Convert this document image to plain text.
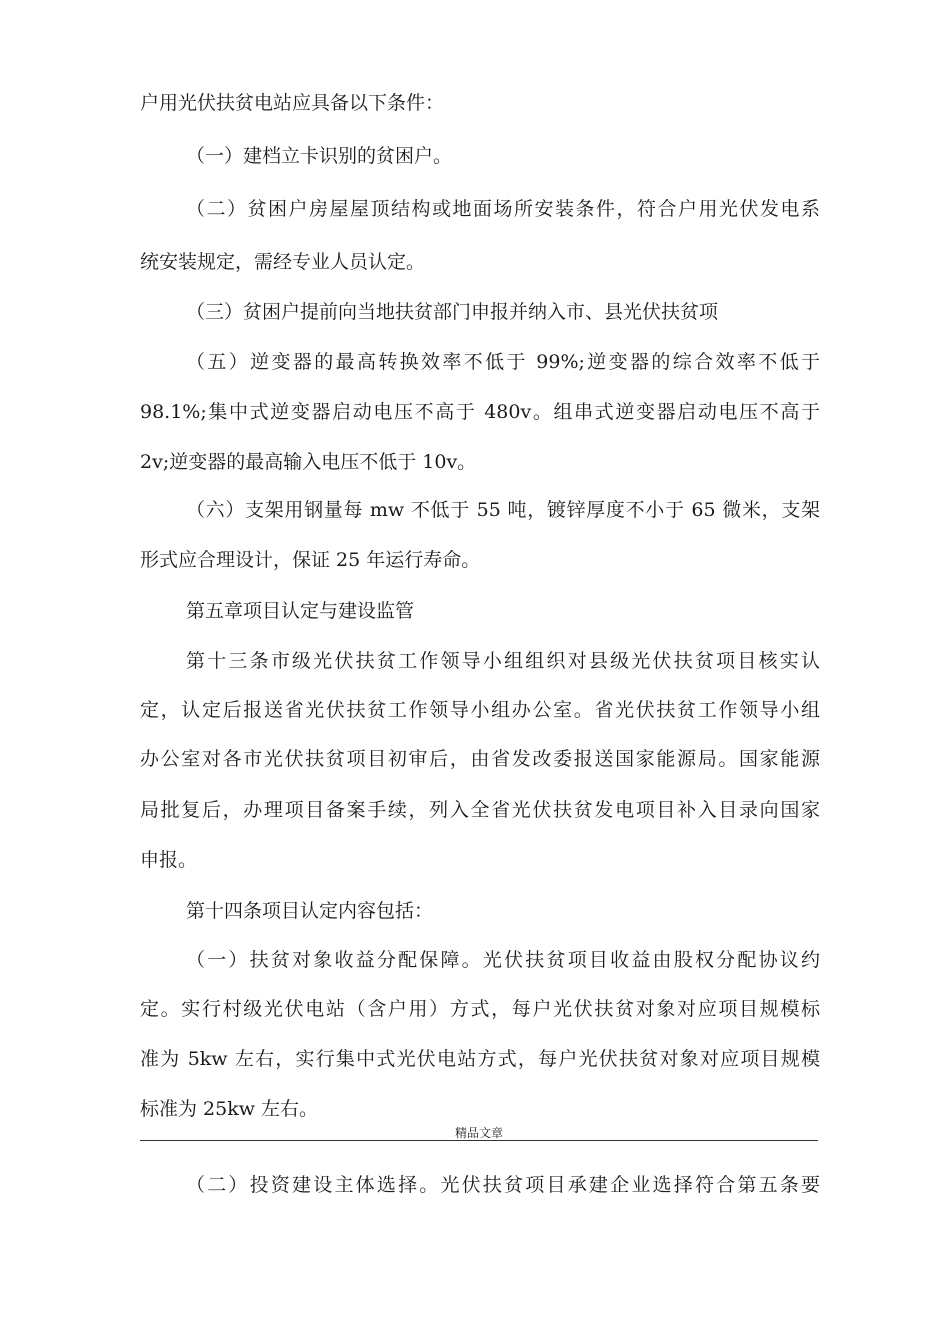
户用光伏扶贫电站应具备以下条件：
（一）建档立卡识别的贫困户。
（二）贫困户房屋屋顶结构或地面场所安装条件，符合户用光伏发电系
统安装规定，需经专业人员认定。
（三）贫困户提前向当地扶贫部门申报并纳入市、县光伏扶贫项
（五）逆变器的最高转换效率不低于 99%;逆变器的综合效率不低于
98.1%;集中式逆变器启动电压不高于 480v。组串式逆变器启动电压不高于
2v;逆变器的最高输入电压不低于 10v。
（六）支架用钢量每 mw 不低于 55 吨，镀锌厚度不小于 65 微米，支架
形式应合理设计，保证 25 年运行寿命。
第五章项目认定与建设监管
第十三条市级光伏扶贫工作领导小组组织对县级光伏扶贫项目核实认
定，认定后报送省光伏扶贫工作领导小组办公室。省光伏扶贫工作领导小组
办公室对各市光伏扶贫项目初审后，由省发改委报送国家能源局。国家能源
局批复后，办理项目备案手续，列入全省光伏扶贫发电项目补入目录向国家
申报。
第十四条项目认定内容包括：
（一）扶贫对象收益分配保障。光伏扶贫项目收益由股权分配协议约
定。实行村级光伏电站（含户用）方式，每户光伏扶贫对象对应项目规模标
准为 5kw 左右，实行集中式光伏电站方式，每户光伏扶贫对象对应项目规模
标准为 25kw 左右。
精品文章
（二）投资建设主体选择。光伏扶贫项目承建企业选择符合第五条要
